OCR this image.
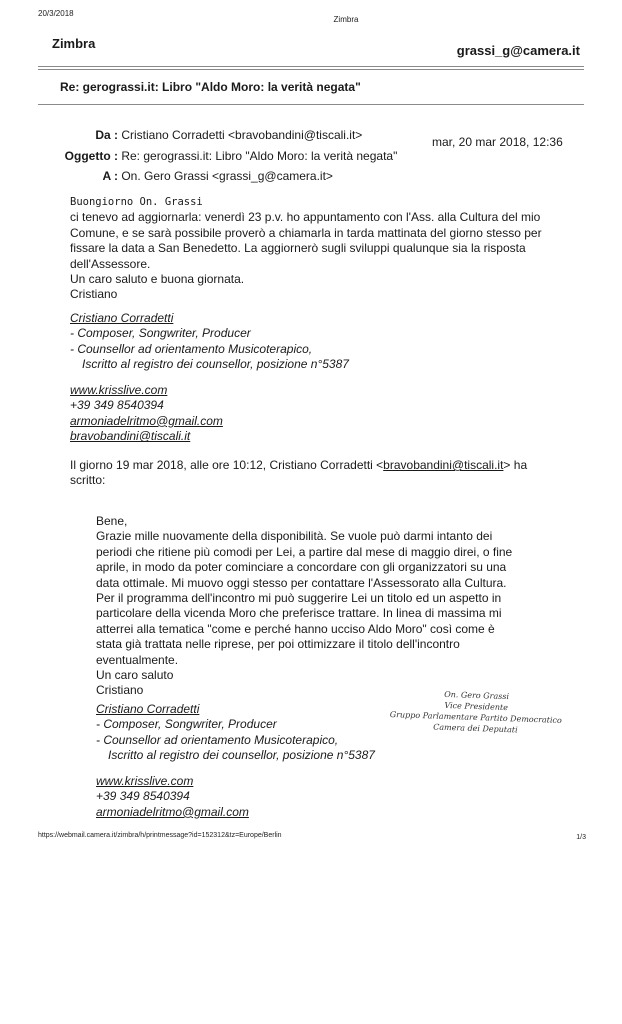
20/3/2018
Zimbra
Zimbra	grassi_g@camera.it
Re: gerograssi.it: Libro "Aldo Moro: la verità negata"
Da : Cristiano Corradetti <bravobandini@tiscali.it>	mar, 20 mar 2018, 12:36
Oggetto : Re: gerograssi.it: Libro "Aldo Moro: la verità negata"
A : On. Gero Grassi <grassi_g@camera.it>

Buongiorno On. Grassi

ci tenevo ad aggiornarla: venerdì 23 p.v. ho appuntamento con l'Ass. alla Cultura del mio

Comune, e se sarà possibile proverò a chiamarla in tarda mattinata del giorno stesso per

fissare la data a San Benedetto. La aggiornerò sugli sviluppi qualunque sia la risposta

dell'Assessore.

Un caro saluto e buona giornata.

Cristiano

Cristiano Corradetti
- Composer, Songwriter, Producer
- Counsellor ad orientamento Musicoterapico,
Iscritto al registro dei counsellor, posizione n°5387
www.krisslive.com
+39 349 8540394
armoniadelritmo@gmail.com
bravobandini@tiscali.it

Il giorno 19 mar 2018, alle ore 10:12, Cristiano Corradetti <bravobandini@tiscali.it> ha

scritto:

Bene,

Grazie mille nuovamente della disponibilità. Se vuole può darmi intanto dei

periodi che ritiene più comodi per Lei, a partire dal mese di maggio direi, o fine

aprile, in modo da poter cominciare a concordare con gli organizzatori su una

data ottimale. Mi muovo oggi stesso per contattare l'Assessorato alla Cultura.

Per il programma dell'incontro mi può suggerire Lei un titolo ed un aspetto in

particolare della vicenda Moro che preferisce trattare. In linea di massima mi

atterrei alla tematica "come e perché hanno ucciso Aldo Moro" così come è

stata già trattata nelle riprese, per poi ottimizzare il titolo dell'incontro

eventualmente.

Un caro saluto

Cristiano

Cristiano Corradetti
- Composer, Songwriter, Producer
- Counsellor ad orientamento Musicoterapico,
Iscritto al registro dei counsellor, posizione n°5387
www.krisslive.com
+39 349 8540394
armoniadelritmo@gmail.com
On. Gero Grassi
Vice Presidente
Gruppo Parlamentare Partito Democratico
Camera dei Deputati
https://webmail.camera.it/zimbra/h/printmessage?id=152312&tz=Europe/Berlin	1/3
